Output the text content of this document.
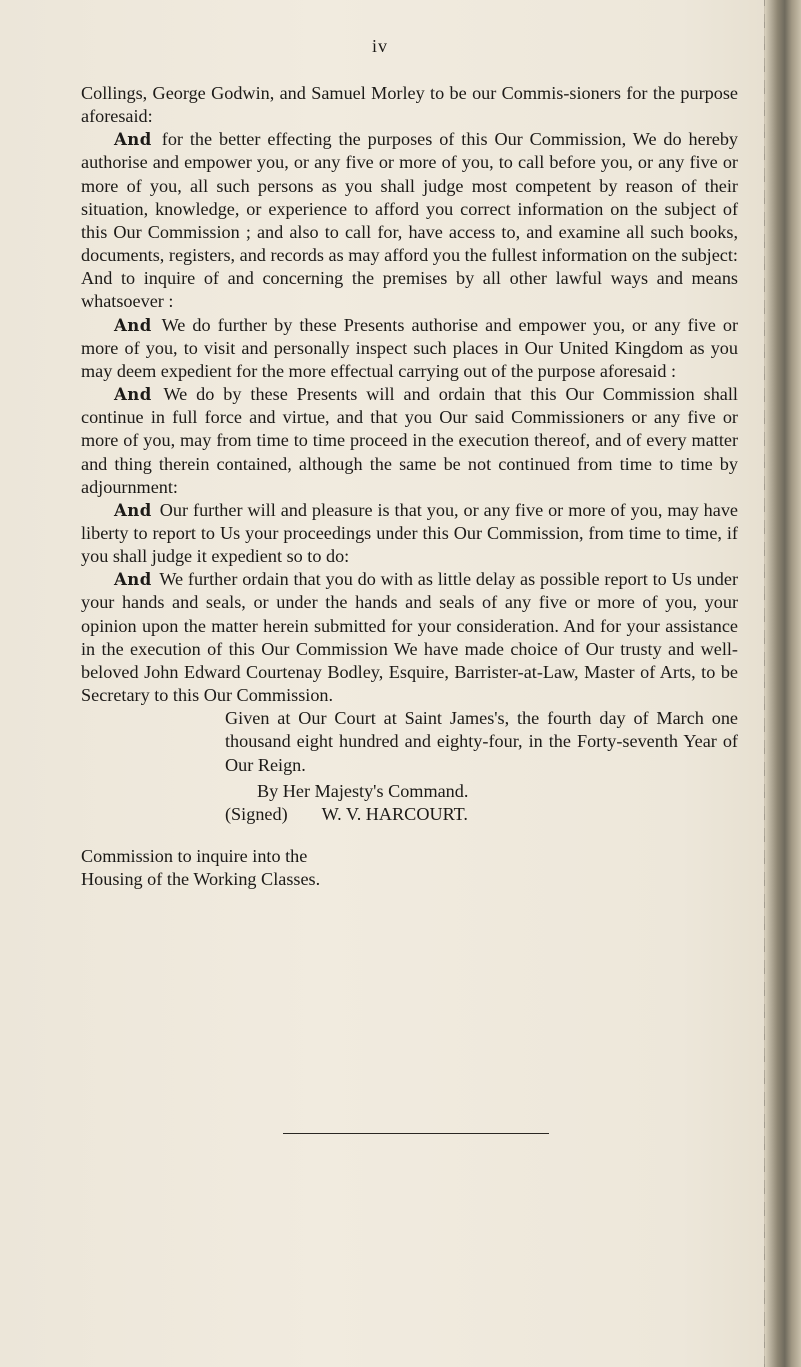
iv

Collings, George Godwin, and Samuel Morley to be our Commis-sioners for the purpose aforesaid:

And for the better effecting the purposes of this Our Commission, We do hereby authorise and empower you, or any five or more of you, to call before you, or any five or more of you, all such persons as you shall judge most competent by reason of their situation, knowledge, or experience to afford you correct information on the subject of this Our Commission ; and also to call for, have access to, and examine all such books, documents, registers, and records as may afford you the fullest information on the subject: And to inquire of and concerning the premises by all other lawful ways and means whatsoever :

And We do further by these Presents authorise and empower you, or any five or more of you, to visit and personally inspect such places in Our United Kingdom as you may deem expedient for the more effectual carrying out of the purpose aforesaid :

And We do by these Presents will and ordain that this Our Commission shall continue in full force and virtue, and that you Our said Commissioners or any five or more of you, may from time to time proceed in the execution thereof, and of every matter and thing therein contained, although the same be not continued from time to time by adjournment:

And Our further will and pleasure is that you, or any five or more of you, may have liberty to report to Us your proceedings under this Our Commission, from time to time, if you shall judge it expedient so to do:

And We further ordain that you do with as little delay as possible report to Us under your hands and seals, or under the hands and seals of any five or more of you, your opinion upon the matter herein submitted for your consideration. And for your assistance in the execution of this Our Commission We have made choice of Our trusty and well-beloved John Edward Courtenay Bodley, Esquire, Barrister-at-Law, Master of Arts, to be Secretary to this Our Commission.

Given at Our Court at Saint James's, the fourth day of March one thousand eight hundred and eighty-four, in the Forty-seventh Year of Our Reign.

By Her Majesty's Command.

(Signed) W. V. HARCOURT.

Commission to inquire into the Housing of the Working Classes.
